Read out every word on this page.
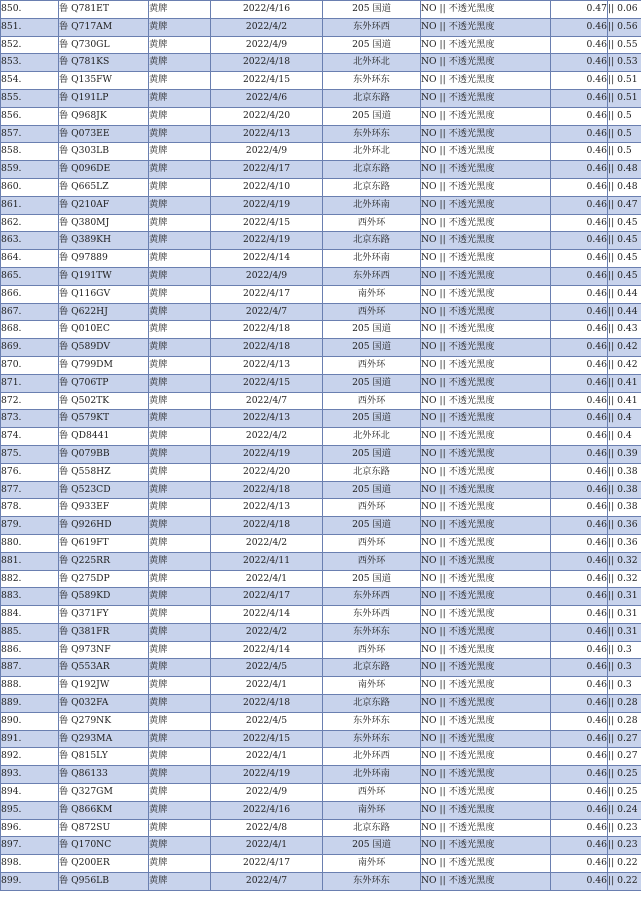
850.	鲁 Q781ET	黄牌	2022/4/16	205 国道	NO || 不透光黑度	0.47	|| 0.06
851.	鲁 Q717AM	黄牌	2022/4/2	东外环西	NO || 不透光黑度	0.46	|| 0.56
852.	鲁 Q730GL	黄牌	2022/4/9	205 国道	NO || 不透光黑度	0.46	|| 0.55
853.	鲁 Q781KS	黄牌	2022/4/18	北外环北	NO || 不透光黑度	0.46	|| 0.53
854.	鲁 Q135FW	黄牌	2022/4/15	东外环东	NO || 不透光黑度	0.46	|| 0.51
855.	鲁 Q191LP	黄牌	2022/4/6	北京东路	NO || 不透光黑度	0.46	|| 0.51
856.	鲁 Q968JK	黄牌	2022/4/20	205 国道	NO || 不透光黑度	0.46	|| 0.5
857.	鲁 Q073EE	黄牌	2022/4/13	东外环东	NO || 不透光黑度	0.46	|| 0.5
858.	鲁 Q303LB	黄牌	2022/4/9	北外环北	NO || 不透光黑度	0.46	|| 0.5
859.	鲁 Q096DE	黄牌	2022/4/17	北京东路	NO || 不透光黑度	0.46	|| 0.48
860.	鲁 Q665LZ	黄牌	2022/4/10	北京东路	NO || 不透光黑度	0.46	|| 0.48
861.	鲁 Q210AF	黄牌	2022/4/19	北外环南	NO || 不透光黑度	0.46	|| 0.47
862.	鲁 Q380MJ	黄牌	2022/4/15	西外环	NO || 不透光黑度	0.46	|| 0.45
863.	鲁 Q389KH	黄牌	2022/4/19	北京东路	NO || 不透光黑度	0.46	|| 0.45
864.	鲁 Q97889	黄牌	2022/4/14	北外环南	NO || 不透光黑度	0.46	|| 0.45
865.	鲁 Q191TW	黄牌	2022/4/9	东外环西	NO || 不透光黑度	0.46	|| 0.45
866.	鲁 Q116GV	黄牌	2022/4/17	南外环	NO || 不透光黑度	0.46	|| 0.44
867.	鲁 Q622HJ	黄牌	2022/4/7	西外环	NO || 不透光黑度	0.46	|| 0.44
868.	鲁 Q010EC	黄牌	2022/4/18	205 国道	NO || 不透光黑度	0.46	|| 0.43
869.	鲁 Q589DV	黄牌	2022/4/18	205 国道	NO || 不透光黑度	0.46	|| 0.42
870.	鲁 Q799DM	黄牌	2022/4/13	西外环	NO || 不透光黑度	0.46	|| 0.42
871.	鲁 Q706TP	黄牌	2022/4/15	205 国道	NO || 不透光黑度	0.46	|| 0.41
872.	鲁 Q502TK	黄牌	2022/4/7	西外环	NO || 不透光黑度	0.46	|| 0.41
873.	鲁 Q579KT	黄牌	2022/4/13	205 国道	NO || 不透光黑度	0.46	|| 0.4
874.	鲁 QD8441	黄牌	2022/4/2	北外环北	NO || 不透光黑度	0.46	|| 0.4
875.	鲁 Q079BB	黄牌	2022/4/19	205 国道	NO || 不透光黑度	0.46	|| 0.39
876.	鲁 Q558HZ	黄牌	2022/4/20	北京东路	NO || 不透光黑度	0.46	|| 0.38
877.	鲁 Q523CD	黄牌	2022/4/18	205 国道	NO || 不透光黑度	0.46	|| 0.38
878.	鲁 Q933EF	黄牌	2022/4/13	西外环	NO || 不透光黑度	0.46	|| 0.38
879.	鲁 Q926HD	黄牌	2022/4/18	205 国道	NO || 不透光黑度	0.46	|| 0.36
880.	鲁 Q619FT	黄牌	2022/4/2	西外环	NO || 不透光黑度	0.46	|| 0.36
881.	鲁 Q225RR	黄牌	2022/4/11	西外环	NO || 不透光黑度	0.46	|| 0.32
882.	鲁 Q275DP	黄牌	2022/4/1	205 国道	NO || 不透光黑度	0.46	|| 0.32
883.	鲁 Q589KD	黄牌	2022/4/17	东外环西	NO || 不透光黑度	0.46	|| 0.31
884.	鲁 Q371FY	黄牌	2022/4/14	东外环西	NO || 不透光黑度	0.46	|| 0.31
885.	鲁 Q381FR	黄牌	2022/4/2	东外环东	NO || 不透光黑度	0.46	|| 0.31
886.	鲁 Q973NF	黄牌	2022/4/14	西外环	NO || 不透光黑度	0.46	|| 0.3
887.	鲁 Q553AR	黄牌	2022/4/5	北京东路	NO || 不透光黑度	0.46	|| 0.3
888.	鲁 Q192JW	黄牌	2022/4/1	南外环	NO || 不透光黑度	0.46	|| 0.3
889.	鲁 Q032FA	黄牌	2022/4/18	北京东路	NO || 不透光黑度	0.46	|| 0.28
890.	鲁 Q279NK	黄牌	2022/4/5	东外环东	NO || 不透光黑度	0.46	|| 0.28
891.	鲁 Q293MA	黄牌	2022/4/15	东外环东	NO || 不透光黑度	0.46	|| 0.27
892.	鲁 Q815LY	黄牌	2022/4/1	北外环西	NO || 不透光黑度	0.46	|| 0.27
893.	鲁 Q86133	黄牌	2022/4/19	北外环南	NO || 不透光黑度	0.46	|| 0.25
894.	鲁 Q327GM	黄牌	2022/4/9	西外环	NO || 不透光黑度	0.46	|| 0.25
895.	鲁 Q866KM	黄牌	2022/4/16	南外环	NO || 不透光黑度	0.46	|| 0.24
896.	鲁 Q872SU	黄牌	2022/4/8	北京东路	NO || 不透光黑度	0.46	|| 0.23
897.	鲁 Q170NC	黄牌	2022/4/1	205 国道	NO || 不透光黑度	0.46	|| 0.23
898.	鲁 Q200ER	黄牌	2022/4/17	南外环	NO || 不透光黑度	0.46	|| 0.22
899.	鲁 Q956LB	黄牌	2022/4/7	东外环东	NO || 不透光黑度	0.46	|| 0.22
